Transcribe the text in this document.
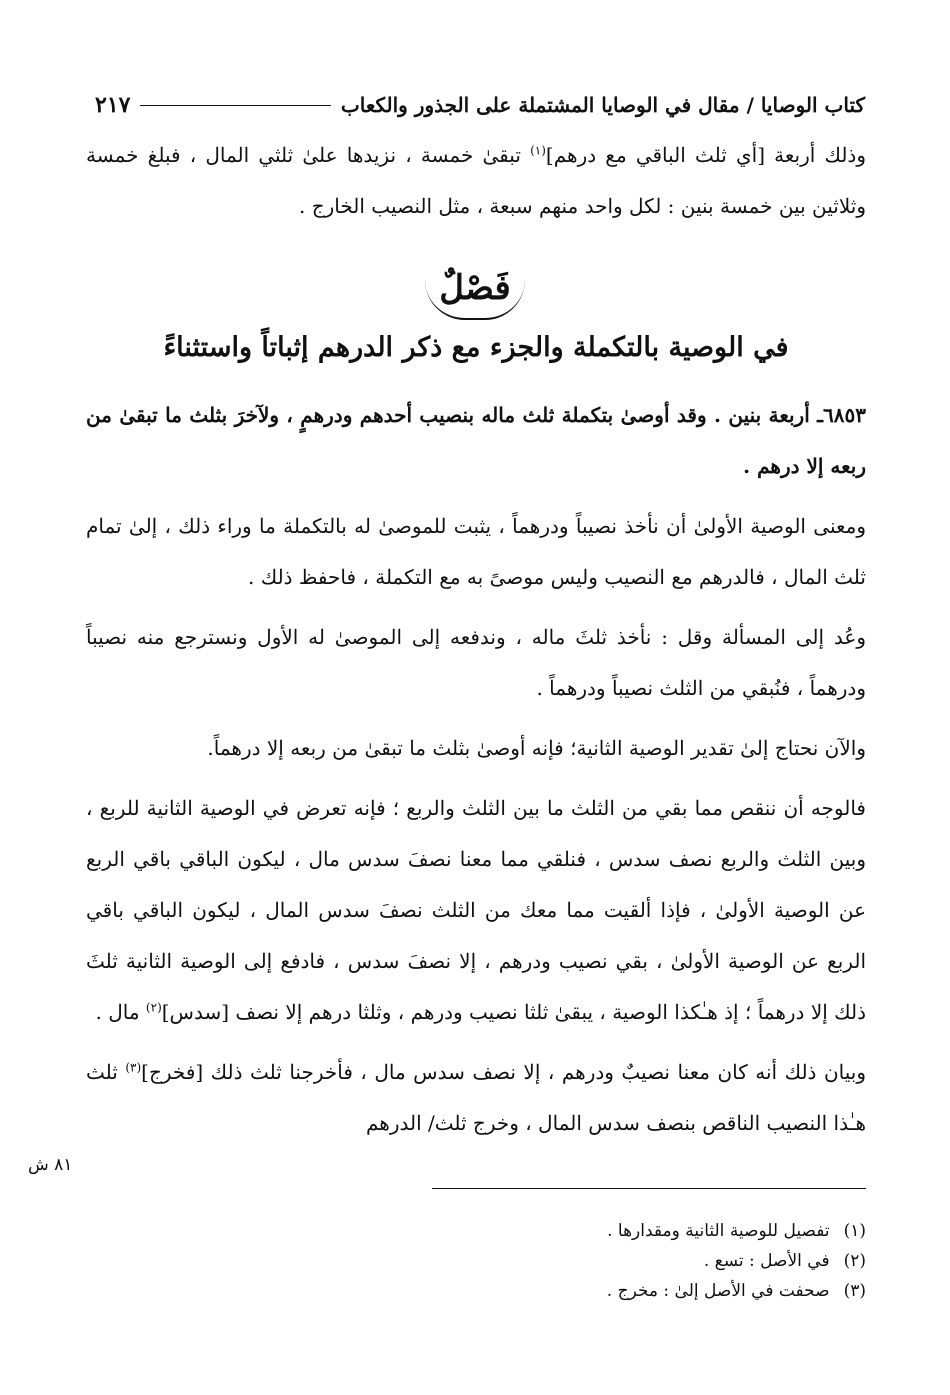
كتاب الوصايا / مقال في الوصايا المشتملة على الجذور والكعاب
٢١٧

وذلك أربعة [أي ثلث الباقي مع درهم]$^{(١)}$ تبقىٰ خمسة ، نزيدها علىٰ ثلثي المال ، فبلغ خمسة وثلاثين بين خمسة بنين : لكل واحد منهم سبعة ، مثل النصيب الخارج .

فَصْلٌ
في الوصية بالتكملة والجزء مع ذكر الدرهم إثباتاً واستثناءً

٦٨٥٣ـ أربعة بنين . وقد أوصىٰ بتكملة ثلث ماله بنصيب أحدهم ودرهمٍ ، ولآخرَ بثلث ما تبقىٰ من ربعه إلا درهم .

ومعنى الوصية الأولىٰ أن نأخذ نصيباً ودرهماً ، يثبت للموصىٰ له بالتكملة ما وراء ذلك ، إلىٰ تمام ثلث المال ، فالدرهم مع النصيب وليس موصىً به مع التكملة ، فاحفظ ذلك .

وعُد إلى المسألة وقل : نأخذ ثلثَ ماله ، وندفعه إلى الموصىٰ له الأول ونسترجع منه نصيباً ودرهماً ، فنُبقي من الثلث نصيباً ودرهماً .

والآن نحتاج إلىٰ تقدير الوصية الثانية؛ فإنه أوصىٰ بثلث ما تبقىٰ من ربعه إلا درهماً.

فالوجه أن ننقص مما بقي من الثلث ما بين الثلث والربع ؛ فإنه تعرض في الوصية الثانية للربع ، وبين الثلث والربع نصف سدس ، فنلقي مما معنا نصفَ سدس مال ، ليكون الباقي باقي الربع عن الوصية الأولىٰ ، فإذا ألقيت مما معك من الثلث نصفَ سدس المال ، ليكون الباقي باقي الربع عن الوصية الأولىٰ ، بقي نصيب ودرهم ، إلا نصفَ سدس ، فادفع إلى الوصية الثانية ثلثَ ذلك إلا درهماً ؛ إذ هـٰكذا الوصية ، يبقىٰ ثلثا نصيب ودرهم ، وثلثا درهم إلا نصف [سدس]$^{(٢)}$ مال .

وبيان ذلك أنه كان معنا نصيبٌ ودرهم ، إلا نصف سدس مال ، فأخرجنا ثلث ذلك [فخرج]$^{(٣)}$ ثلث هـٰذا النصيب الناقص بنصف سدس المال ، وخرج ثلث/ الدرهم

٨١ ش
(١)
تفصيل للوصية الثانية ومقدارها .
(٢)
في الأصل : تسع .
(٣)
صحفت في الأصل إلىٰ : مخرج .
